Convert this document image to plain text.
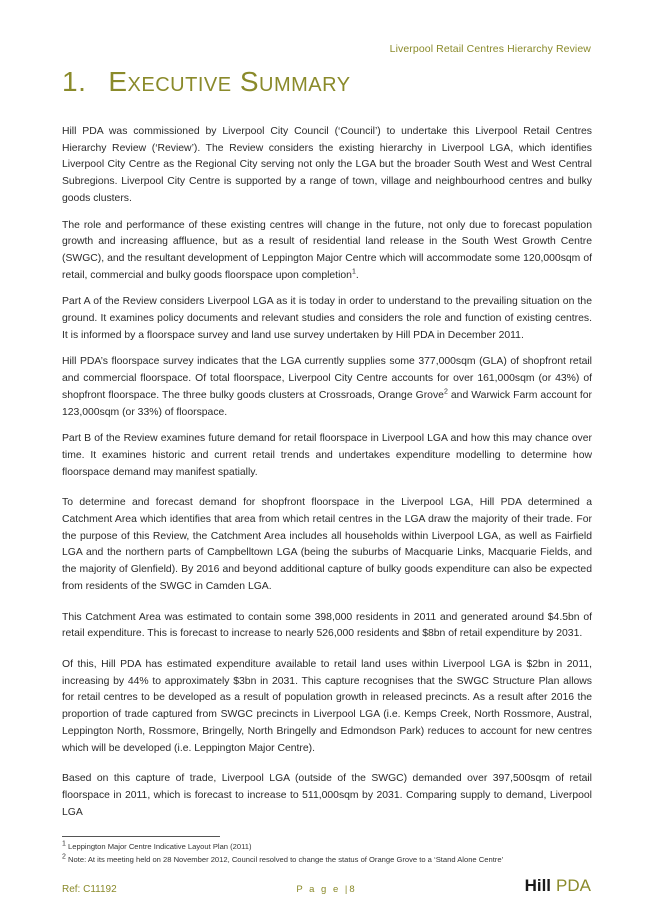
Liverpool Retail Centres Hierarchy Review
1. Executive Summary

Hill PDA was commissioned by Liverpool City Council (‘Council’) to undertake this Liverpool Retail Centres Hierarchy Review (‘Review’). The Review considers the existing hierarchy in Liverpool LGA, which identifies Liverpool City Centre as the Regional City serving not only the LGA but the broader South West and West Central Subregions. Liverpool City Centre is supported by a range of town, village and neighbourhood centres and bulky goods clusters.

The role and performance of these existing centres will change in the future, not only due to forecast population growth and increasing affluence, but as a result of residential land release in the South West Growth Centre (SWGC), and the resultant development of Leppington Major Centre which will accommodate some 120,000sqm of retail, commercial and bulky goods floorspace upon completion$^1$.

Part A of the Review considers Liverpool LGA as it is today in order to understand to the prevailing situation on the ground. It examines policy documents and relevant studies and considers the role and function of existing centres. It is informed by a floorspace survey and land use survey undertaken by Hill PDA in December 2011.

Hill PDA’s floorspace survey indicates that the LGA currently supplies some 377,000sqm (GLA) of shopfront retail and commercial floorspace. Of total floorspace, Liverpool City Centre accounts for over 161,000sqm (or 43%) of shopfront floorspace. The three bulky goods clusters at Crossroads, Orange Grove$^2$ and Warwick Farm account for 123,000sqm (or 33%) of floorspace.

Part B of the Review examines future demand for retail floorspace in Liverpool LGA and how this may chance over time. It examines historic and current retail trends and undertakes expenditure modelling to determine how floorspace demand may manifest spatially.

To determine and forecast demand for shopfront floorspace in the Liverpool LGA, Hill PDA determined a Catchment Area which identifies that area from which retail centres in the LGA draw the majority of their trade. For the purpose of this Review, the Catchment Area includes all households within Liverpool LGA, as well as Fairfield LGA and the northern parts of Campbelltown LGA (being the suburbs of Macquarie Links, Macquarie Fields, and the majority of Glenfield). By 2016 and beyond additional capture of bulky goods expenditure can also be expected from residents of the SWGC in Camden LGA.

This Catchment Area was estimated to contain some 398,000 residents in 2011 and generated around $4.5bn of retail expenditure. This is forecast to increase to nearly 526,000 residents and $8bn of retail expenditure by 2031.

Of this, Hill PDA has estimated expenditure available to retail land uses within Liverpool LGA is $2bn in 2011, increasing by 44% to approximately $3bn in 2031. This capture recognises that the SWGC Structure Plan allows for retail centres to be developed as a result of population growth in released precincts. As a result after 2016 the proportion of trade captured from SWGC precincts in Liverpool LGA (i.e. Kemps Creek, North Rossmore, Austral, Leppington North, Rossmore, Bringelly, North Bringelly and Edmondson Park) reduces to account for new centres which will be developed (i.e. Leppington Major Centre).

Based on this capture of trade, Liverpool LGA (outside of the SWGC) demanded over 397,500sqm of retail floorspace in 2011, which is forecast to increase to 511,000sqm by 2031. Comparing supply to demand, Liverpool LGA

$^1$ Leppington Major Centre Indicative Layout Plan (2011)
$^2$ Note: At its meeting held on 28 November 2012, Council resolved to change the status of Orange Grove to a ‘Stand Alone Centre’
Ref: C11192	P a g e |8	Hill PDA
